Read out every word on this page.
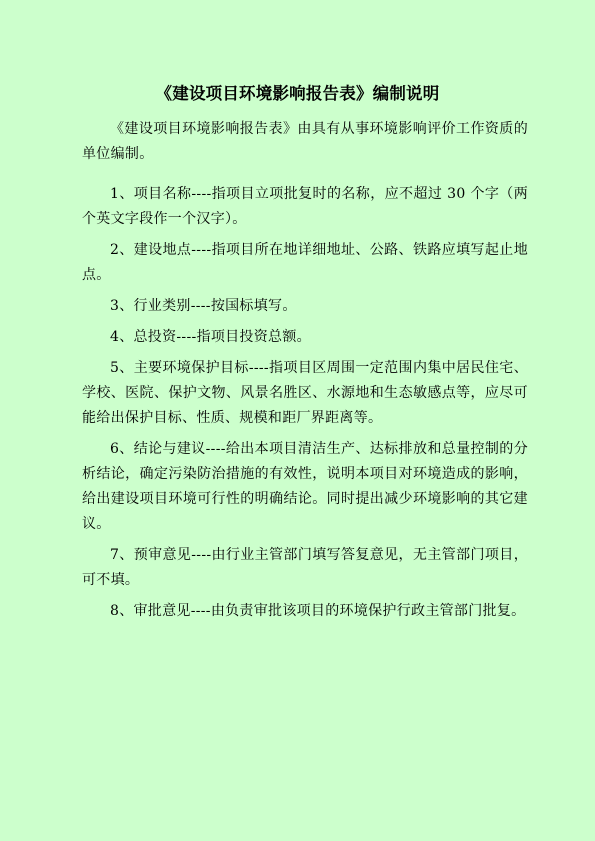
《建设项目环境影响报告表》编制说明

《建设项目环境影响报告表》由具有从事环境影响评价工作资质的单位编制。

1、项目名称----指项目立项批复时的名称，应不超过 30 个字（两个英文字段作一个汉字）。

2、建设地点----指项目所在地详细地址、公路、铁路应填写起止地点。

3、行业类别----按国标填写。

4、总投资----指项目投资总额。

5、主要环境保护目标----指项目区周围一定范围内集中居民住宅、学校、医院、保护文物、风景名胜区、水源地和生态敏感点等，应尽可能给出保护目标、性质、规模和距厂界距离等。

6、结论与建议----给出本项目清洁生产、达标排放和总量控制的分析结论，确定污染防治措施的有效性，说明本项目对环境造成的影响，给出建设项目环境可行性的明确结论。同时提出减少环境影响的其它建议。

7、预审意见----由行业主管部门填写答复意见，无主管部门项目，可不填。

8、审批意见----由负责审批该项目的环境保护行政主管部门批复。
